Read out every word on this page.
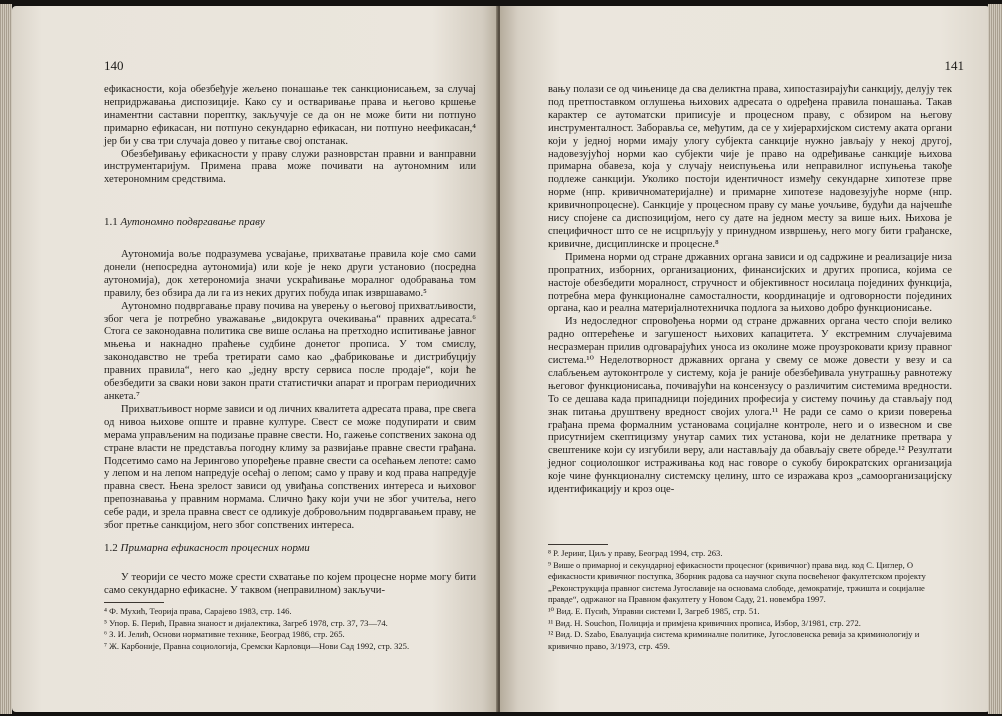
140

ефикасности, која обезбеђује жељено понашање тек санкционисањем, за случај непридржавања диспозиције. Како су и остваривање права и његово кршење инаментни саставни порептку, закључује се да он не може бити ни потпуно примарно ефикасан, ни потпуно секундарно ефикасан, ни потпуно неефикасан,⁴ јер би у сва три случаја довео у питање свој опстанак.

Обезбеђивању ефикасности у праву служи разноврстан правни и ванправни инструментаријум. Примена права може почивати на аутономним или хетерономним средствима.

1.1 Аутономно подвргавање праву

Аутономија воље подразумева усвајање, прихватање правила које смо сами донели (непосредна аутономија) или које је неко други установио (посредна аутономија), док хетерономија значи ускраћивање моралног одобравања том правилу, без обзира да ли га из неких других побуда ипак извршавамо.⁵

Аутономно подвргавање праву почива на уверењу о његовој прихватљивости, због чега је потребно уважавање „видокруга очекивања“ правних адресата.⁶ Стога се законодавна политика све више ослања на претходно испитивање јавног мњења и накнадно праћење судбине донетог прописа. У том смислу, законодавство не треба третирати само као „фабриковање и дистрибуцију правних правила“, него као „једну врсту сервиса после продаје“, који ће обезбедити за сваки нови закон прати статистички апарат и програм периодичних анкета.⁷

Прихватљивост норме зависи и од личних квалитета адресата права, пре свега од нивоа њихове опште и правне културе. Свест се може подупирати и свим мерама упрaвљеним на подизање правне свести. Но, гажење сопствених закона од стране власти не представља погодну климу за развијање правне свести грађана. Подсетимо само на Јерингово упоређење правне свести са осећањем лепоте: само у лепом и на лепом напредује осећај о лепом; само у праву и код права напредује правна свест. Њена зрелост зависи од увиђања сопствених интереса и њиховог препознавања у правним нормама. Слично ђаку који учи не због учитеља, него себе ради, и зрела правна свест се одликује добровољним подвргавањем праву, не због претње санкцијом, него због сопствених интереса.

1.2 Примарна ефикасност процесних норми

У теорији се често може срести схватање по којем процесне норме могу бити само секундарно ефикасне. У таквом (неправилном) закључи-

⁴ Ф. Мухић, Теорија права, Сарајево 1983, стр. 146.
⁵ Упор. Б. Перић, Правна знаност и дијалектика, Загреб 1978, стр. 37, 73—74.
⁶ З. И. Јелић, Основи нормативне технике, Београд 1986, стр. 265.
⁷ Ж. Карбоније, Правна социологија, Сремски Карловци—Нови Сад 1992, стр. 325.
141

вању полази се од чињенице да сва деликтна права, хипостазирајући санкцију, делују тек под претпоставком оглушења њихових адресата о одређена правила понашања. Такав карактер се аутоматски приписује и процесном праву, с обзиром на његову инструменталност. Заборавља се, међутим, да се у хијерархијском систему аката органи који у једној норми имају улогу субјекта санкције нужно јављају у некој другој, надовезујућој норми као субјекти чије је право на одређивање санкције њихова примарна обавеза, која у случају неиспуњења или неправилног испуњења такође подлеже санкцији. Уколико постоји идентичност између секундарне хипотезе прве норме (нпр. кривичноматеријалне) и примарне хипотезе надовезујуће норме (нпр. кривичнопроцесне). Санкције у процесном праву су мање уочљиве, будући да најчешће нису спојене са диспозицијом, него су дате на једном месту за више њих. Њихова је специфичност што се не исцрпљују у принудном извршењу, него могу бити грађанске, кривичне, дисциплинске и процесне.⁸

Примена норми од стране државних органа зависи и од садржине и реализације низа пропратних, изборних, организационих, финансијских и других прописа, којима се настоје обезбедити моралност, стручност и објективност носилаца појединих функција, потребна мера функционалне самосталности, координације и одговорности појединих органа, као и реална материјалнотехничка подлога за њихово добро функционисање.

Из недоследног спровођења норми од стране државних органа често споји велико радно оптерећење и загушеност њихових капацитета. У екстремним случајевима несразмеран прилив одговарајућих уноса из околине може проузроковати кризу правног система.¹⁰ Неделотворност државних органа у свему се може довести у везу и са слабљењем аутоконтроле у систему, која је раније обезбеђивала унутрашњу равнотежу његовог функционисања, почивајући на консензусу о различитим системима вредности. То се дешава када припадници појединих професија у систему почињу да стављају под знак питања друштвену вредност својих улога.¹¹ Не ради се само о кризи поверења грађана према формалним установама социјалне контроле, него и о извесном и све присутнијем скептицизму унутар самих тих установа, који не делатнике претвара у свештенике који су изгубили веру, али настављају да обављају свете обреде.¹² Резултати једног социолошког истраживања код нас говоре о сукобу бирократских организација које чине функционалну системску целину, што се изражава кроз „самоорганизацијску идентификацију и кроз оце-

⁸ Р. Јеринг, Циљ у праву, Београд 1994, стр. 263.
⁹ Више о примарној и секундарној ефикасности процесног (кривичног) права вид. код С. Циглер, О ефикасности кривичног поступка, Зборник радова са научног скупа посвећеног факултетском пројекту „Реконструкција правног система Југославије на основама слободе, демократије, тржишта и социјалне правде“, одржаног на Правном факултету у Новом Саду, 21. новембра 1997.
¹⁰ Вид. Е. Пусић, Управни системи I, Загреб 1985, стр. 51.
¹¹ Вид. H. Souchon, Полиција и примјена кривичних прописа, Избор, 3/1981, стр. 272.
¹² Вид. D. Szabo, Евалуација система криминалне политике, Југословенска ревија за криминологију и кривично право, 3/1973, стр. 459.
